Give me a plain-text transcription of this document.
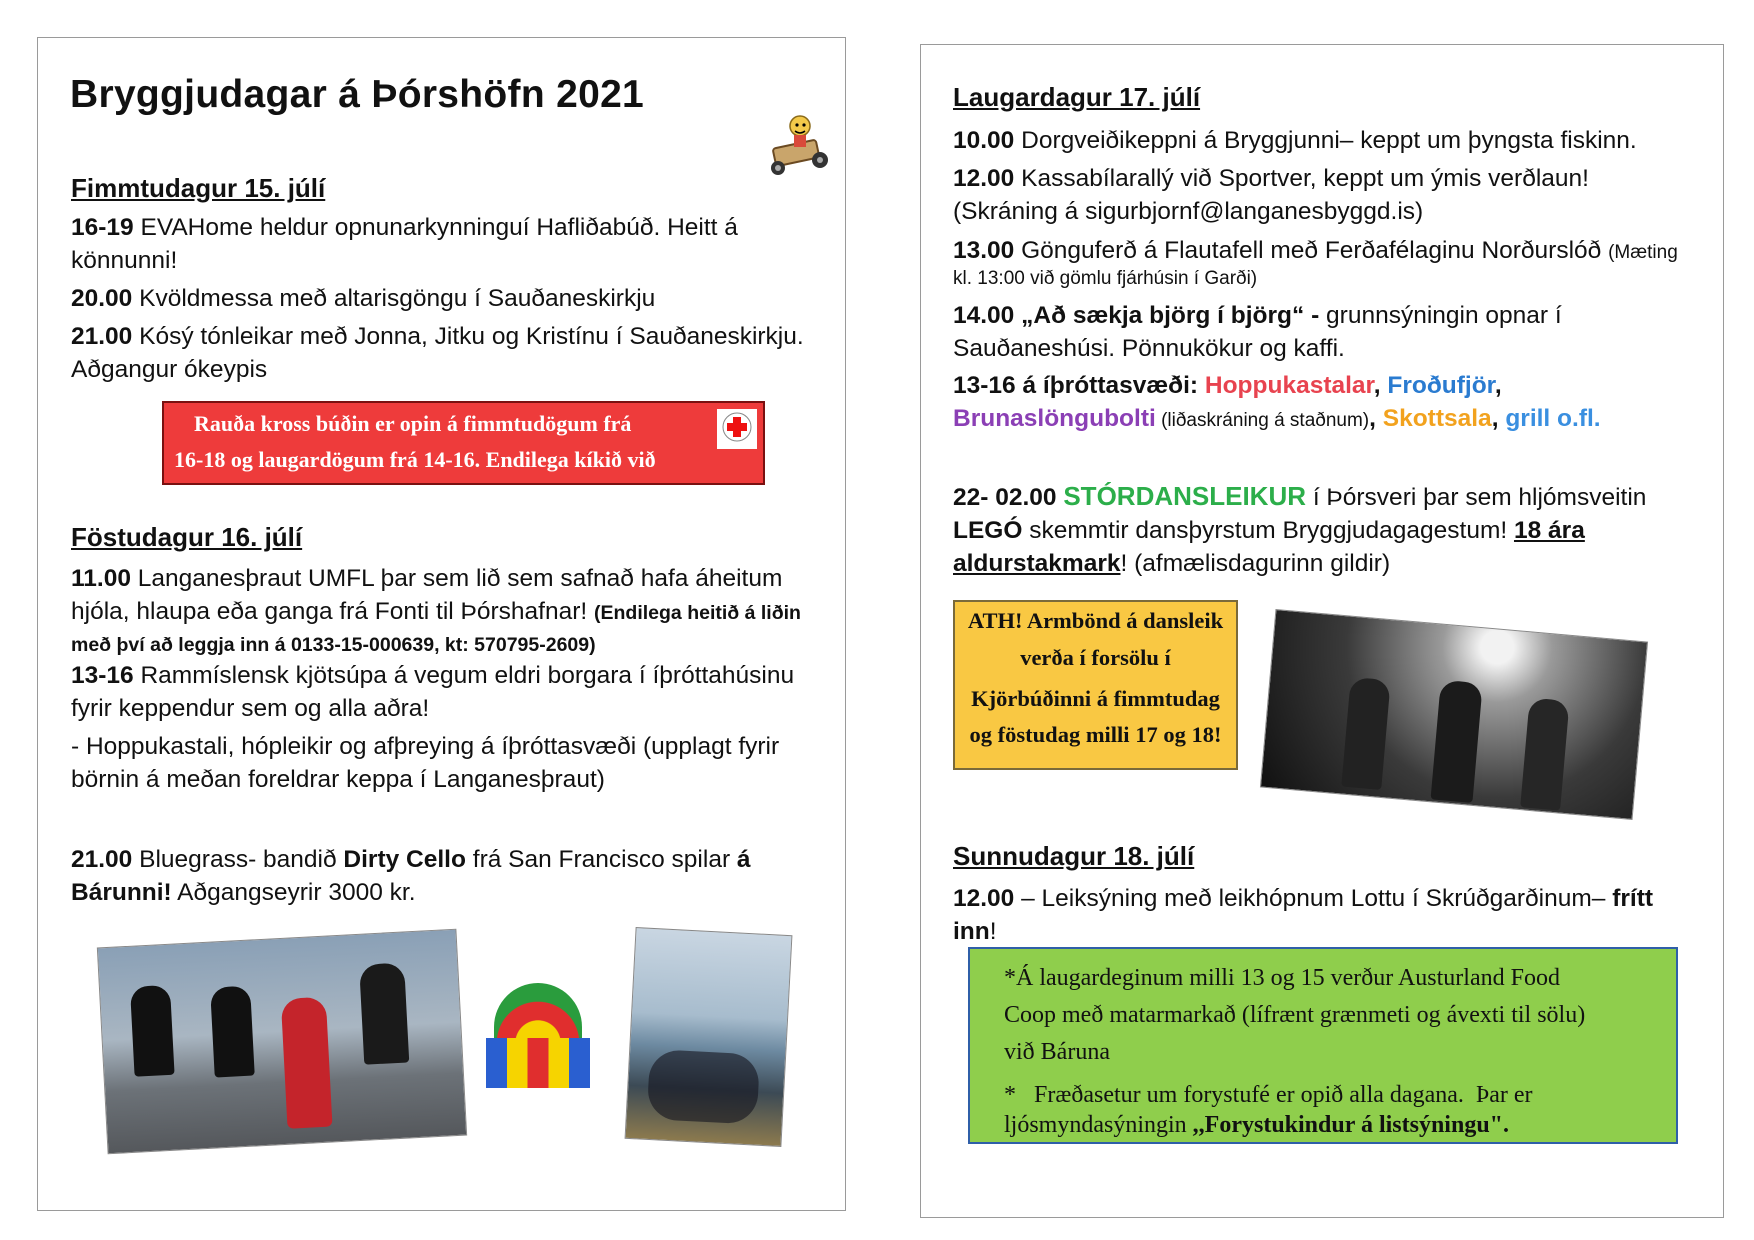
Bryggjudagar á Þórshöfn 2021
Fimmtudagur 15. júlí
16-19 EVAHome heldur opnunarkynninguí Hafliðabúð. Heitt á
könnunni!
20.00 Kvöldmessa með altarisgöngu í Sauðaneskirkju
21.00 Kósý tónleikar með Jonna, Jitku og Kristínu í Sauðaneskirkju.
Aðgangur ókeypis
Rauða kross búðin er opin á fimmtudögum frá
16-18 og laugardögum frá 14-16. Endilega kíkið við
Föstudagur 16. júlí
11.00 Langanesþraut UMFL þar sem lið sem safnað hafa áheitum
hjóla, hlaupa eða ganga frá Fonti til Þórshafnar! (Endilega heitið á liðin
með því að leggja inn á 0133-15-000639, kt: 570795-2609)
13-16 Rammíslensk kjötsúpa á vegum eldri borgara í íþróttahúsinu
fyrir keppendur sem og alla aðra!
- Hoppukastali, hópleikir og afþreying á íþróttasvæði (upplagt fyrir
börnin á meðan foreldrar keppa í Langanesþraut)
21.00 Bluegrass- bandið Dirty Cello frá San Francisco spilar á
Bárunni! Aðgangseyrir 3000 kr.
Laugardagur 17. júlí
10.00 Dorgveiðikeppni á Bryggjunni– keppt um þyngsta fiskinn.
12.00 Kassabílarallý við Sportver, keppt um ýmis verðlaun!
(Skráning á sigurbjornf@langanesbyggd.is)
13.00 Gönguferð á Flautafell með Ferðafélaginu Norðurslóð (Mæting
kl. 13:00 við gömlu fjárhúsin í Garði)
14.00 „Að sækja björg í björg“ - grunnsýningin opnar í
Sauðaneshúsi. Pönnukökur og kaffi.
13-16 á íþróttasvæði: Hoppukastalar, Froðufjör,
Brunaslöngubolti (liðaskráning á staðnum), Skottsala, grill o.fl.
22- 02.00 STÓRDANSLEIKUR í Þórsveri þar sem hljómsveitin
LEGÓ skemmtir dansþyrstum Bryggjudagagestum! 18 ára
aldurstakmark! (afmælisdagurinn gildir)
ATH! Armbönd á dansleik
verða í forsölu í
Kjörbúðinni á fimmtudag
og föstudag milli 17 og 18!
Sunnudagur 18. júlí
12.00 – Leiksýning með leikhópnum Lottu í Skrúðgarðinum– frítt
inn!
*Á laugardeginum milli 13 og 15 verður Austurland Food
Coop með matarmarkað (lífrænt grænmeti og ávexti til sölu)
við Báruna
*   Fræðasetur um forystufé er opið alla dagana.  Þar er
ljósmyndasýningin ,,Forystukindur á listsýningu".
